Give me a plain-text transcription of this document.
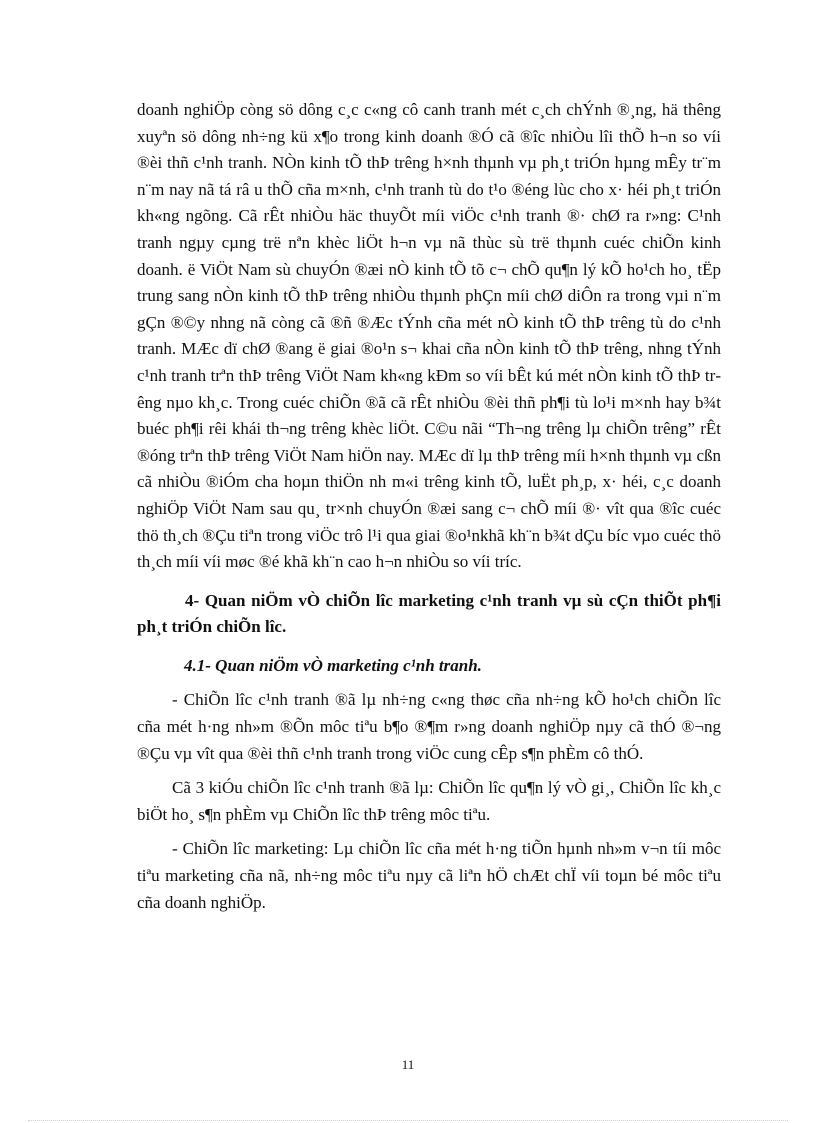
doanh nghiÖp còng sö dông c¸c c«ng cô canh tranh mét c¸ch chÝnh ®¸ng, hä thêng xuyªn sö dông nh÷ng kü x¶o trong kinh doanh ®Ó cã ®îc nhiÒu lîi thÕ h¬n so víi ®èi thñ c¹nh tranh. NÒn kinh tÕ thÞ trêng h×nh thµnh vµ ph¸t triÓn hµng mÊy tr¨m n¨m nay nã tá râ u thÕ cña m×nh, c¹nh tranh tù do t¹o ®éng lùc cho x· héi ph¸t triÓn kh«ng ngõng. Cã rÊt nhiÒu häc thuyÕt míi viÖc c¹nh tranh ®· chØ ra r»ng: C¹nh tranh ngµy cµng trë nªn khèc liÖt h¬n vµ nã thùc sù trë thµnh cuéc chiÕn kinh doanh. ë ViÖt Nam sù chuyÓn ®æi nÒ kinh tÕ tõ c¬ chÕ qu¶n lý kÕ ho¹ch ho¸ tËp trung sang nÒn kinh tÕ thÞ trêng nhiÒu thµnh phÇn míi chØ diÔn ra trong vµi n¨m gÇn ®©y nhng nã còng cã ®ñ ®Æc tÝnh cña mét nÒ kinh tÕ thÞ trêng tù do c¹nh tranh. MÆc dï chØ ®ang ë giai ®o¹n s¬ khai cña nÒn kinh tÕ thÞ trêng, nhng tÝnh c¹nh tranh trªn thÞ trêng ViÖt Nam kh«ng kÐm so víi bÊt kú mét nÒn kinh tÕ thÞ trêng nµo kh¸c. Trong cuéc chiÕn ®ã cã rÊt nhiÒu ®èi thñ ph¶i tù lo¹i m×nh hay b¾t buéc ph¶i rêi khái th¬ng trêng khèc liÖt. C©u nãi “Th¬ng trêng lµ chiÕn trêng” rÊt ®óng trªn thÞ trêng ViÖt Nam hiÖn nay. MÆc dï lµ thÞ trêng míi h×nh thµnh vµ cßn cã nhiÒu ®iÓm cha hoµn thiÖn nh m«i trêng kinh tÕ, luËt ph¸p, x· héi, c¸c doanh nghiÖp ViÖt Nam sau qu¸ tr×nh chuyÓn ®æi sang c¬ chÕ míi ®· vît qua ®îc cuéc thö th¸ch ®Çu tiªn trong viÖc trô l¹i qua giai ®o¹nkhã kh¨n b¾t dÇu bíc vµo cuéc thö th¸ch míi víi møc ®é khã kh¨n cao h¬n nhiÒu so víi tríc.

4- Quan niÖm vÒ chiÕn lîc marketing c¹nh tranh vµ sù cÇn thiÕt ph¶i ph¸t triÓn chiÕn lîc.

4.1- Quan niÖm vÒ marketing c¹nh tranh.

- ChiÕn lîc c¹nh tranh ®ã lµ nh÷ng c«ng thøc cña nh÷ng kÕ ho¹ch chiÕn lîc cña mét h·ng nh»m ®Õn môc tiªu b¶o ®¶m r»ng doanh nghiÖp nµy cã thÓ ®¬ng ®Çu vµ vît qua ®èi thñ c¹nh tranh trong viÖc cung cÊp s¶n phÈm cô thÓ.

Cã 3 kiÓu chiÕn lîc c¹nh tranh ®ã lµ: ChiÕn lîc qu¶n lý vÒ gi¸, ChiÕn lîc kh¸c biÖt ho¸ s¶n phÈm vµ ChiÕn lîc thÞ trêng môc tiªu.

- ChiÕn lîc marketing: Lµ chiÕn lîc cña mét h·ng tiÕn hµnh nh»m v¬n tíi môc tiªu marketing cña nã, nh÷ng môc tiªu nµy cã liªn hÖ chÆt chÏ víi toµn bé môc tiªu cña doanh nghiÖp.

11
